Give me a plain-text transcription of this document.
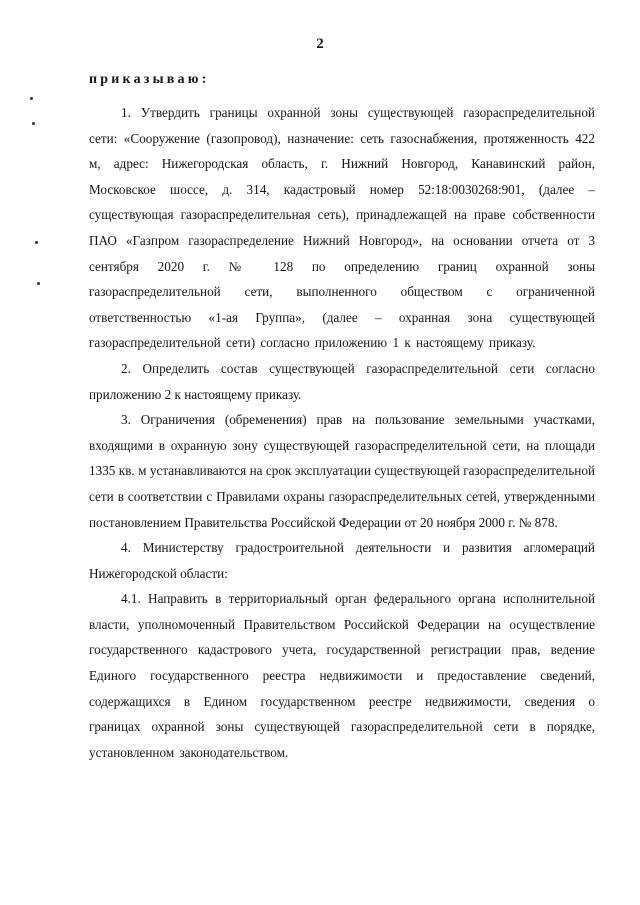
2
приказываю:

1. Утвердить границы охранной зоны существующей газораспределительной сети: «Сооружение (газопровод), назначение: сеть газоснабжения, протяженность 422 м, адрес: Нижегородская область, г. Нижний Новгород, Канавинский район, Московское шоссе, д. 314, кадастровый номер 52:18:0030268:901, (далее – существующая газораспределительная сеть), принадлежащей на праве собственности ПАО «Газпром газораспределение Нижний Новгород», на основании отчета от 3 сентября 2020 г. № 128 по определению границ охранной зоны газораспределительной сети, выполненного обществом с ограниченной ответственностью «1-ая Группа», (далее – охранная зона существующей газораспределительной сети) согласно приложению 1 к настоящему приказу.

2. Определить состав существующей газораспределительной сети согласно приложению 2 к настоящему приказу.

3. Ограничения (обременения) прав на пользование земельными участками, входящими в охранную зону существующей газораспределительной сети, на площади 1335 кв. м устанавливаются на срок эксплуатации существующей газораспределительной сети в соответствии с Правилами охраны газораспределительных сетей, утвержденными постановлением Правительства Российской Федерации от 20 ноября 2000 г. № 878.

4. Министерству градостроительной деятельности и развития агломераций Нижегородской области:

4.1. Направить в территориальный орган федерального органа исполнительной власти, уполномоченный Правительством Российской Федерации на осуществление государственного кадастрового учета, государственной регистрации прав, ведение Единого государственного реестра недвижимости и предоставление сведений, содержащихся в Едином государственном реестре недвижимости, сведения о границах охранной зоны существующей газораспределительной сети в порядке, установленном законодательством.
